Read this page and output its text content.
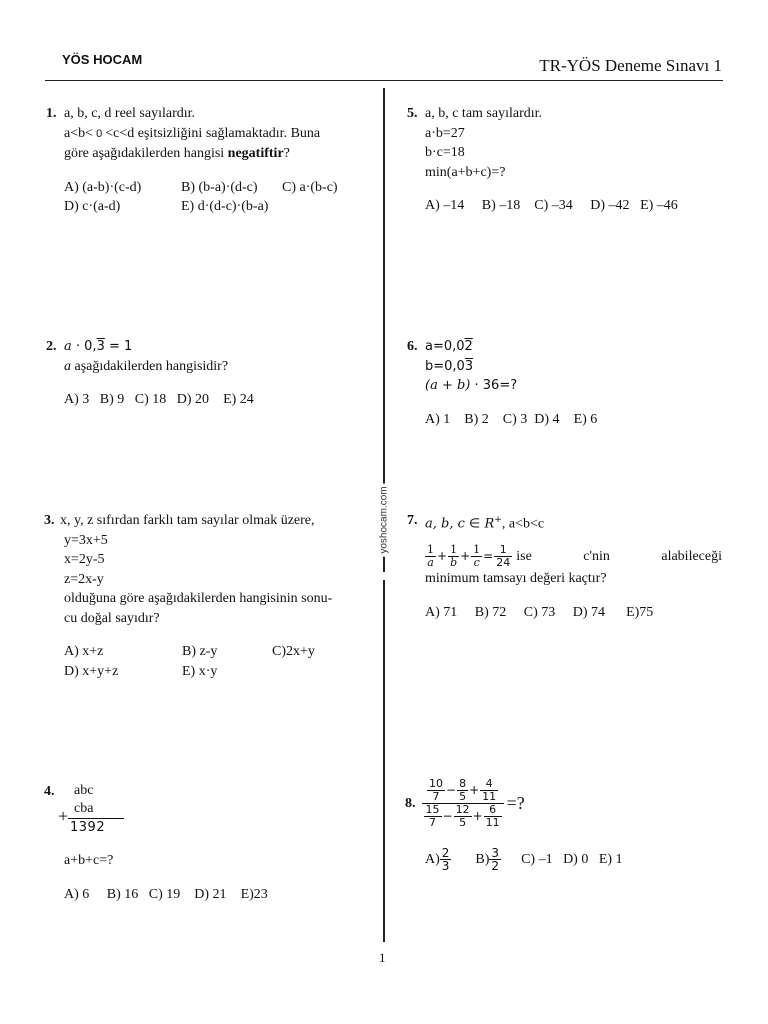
YÖS HOCAM	TR-YÖS Deneme Sınavı 1
yoshocam.com
1. a, b, c, d reel sayılardır.
a<b< 0 <c<d eşitsizliğini sağlamaktadır. Buna
göre aşağıdakilerden hangisi negatiftir?
A) (a-b)·(c-d)	B) (b-a)·(d-c) C) a·(b-c)
D) c·(a-d)	E) d·(d-c)·(b-a)
2. a · 0,3 = 1
a aşağıdakilerden hangisidir?
A) 3 B) 9 C) 18 D) 20 E) 24
3. x, y, z sıfırdan farklı tam sayılar olmak üzere,
y=3x+5
x=2y-5
z=2x-y
olduğuna göre aşağıdakilerden hangisinin sonu-
cu doğal sayıdır?
A) x+z	B) z-y	C)2x+y
D) x+y+z	E) x·y
4. abc
cba
+
1392
a+b+c=?
A) 6 B) 16 C) 19 D) 21 E)23
5. a, b, c tam sayılardır.
a·b=27
b·c=18
min(a+b+c)=?
A) –14 B) –18 C) –34 D) –42 E) –46
6. a=0,02
b=0,03
(a + b) · 36=?
A) 1 B) 2 C) 3 D) 4 E) 6
7. a, b, c ∈ R+, a<b<c
$\frac{1}{a} + \frac{1}{b} + \frac{1}{c} = \frac{1}{24}$ ise c'nin alabileceği
minimum tamsayı değeri kaçtır?
A) 71 B) 72 C) 73 D) 74 E)75
8. $\frac{\frac{10}{7} - \frac{8}{5} + \frac{4}{11}}{\frac{15}{7} - \frac{12}{5} + \frac{6}{11}}$ =?
$A) \frac{2}{3} B) \frac{3}{2} C$) –1   D) 0   E) 1
1
